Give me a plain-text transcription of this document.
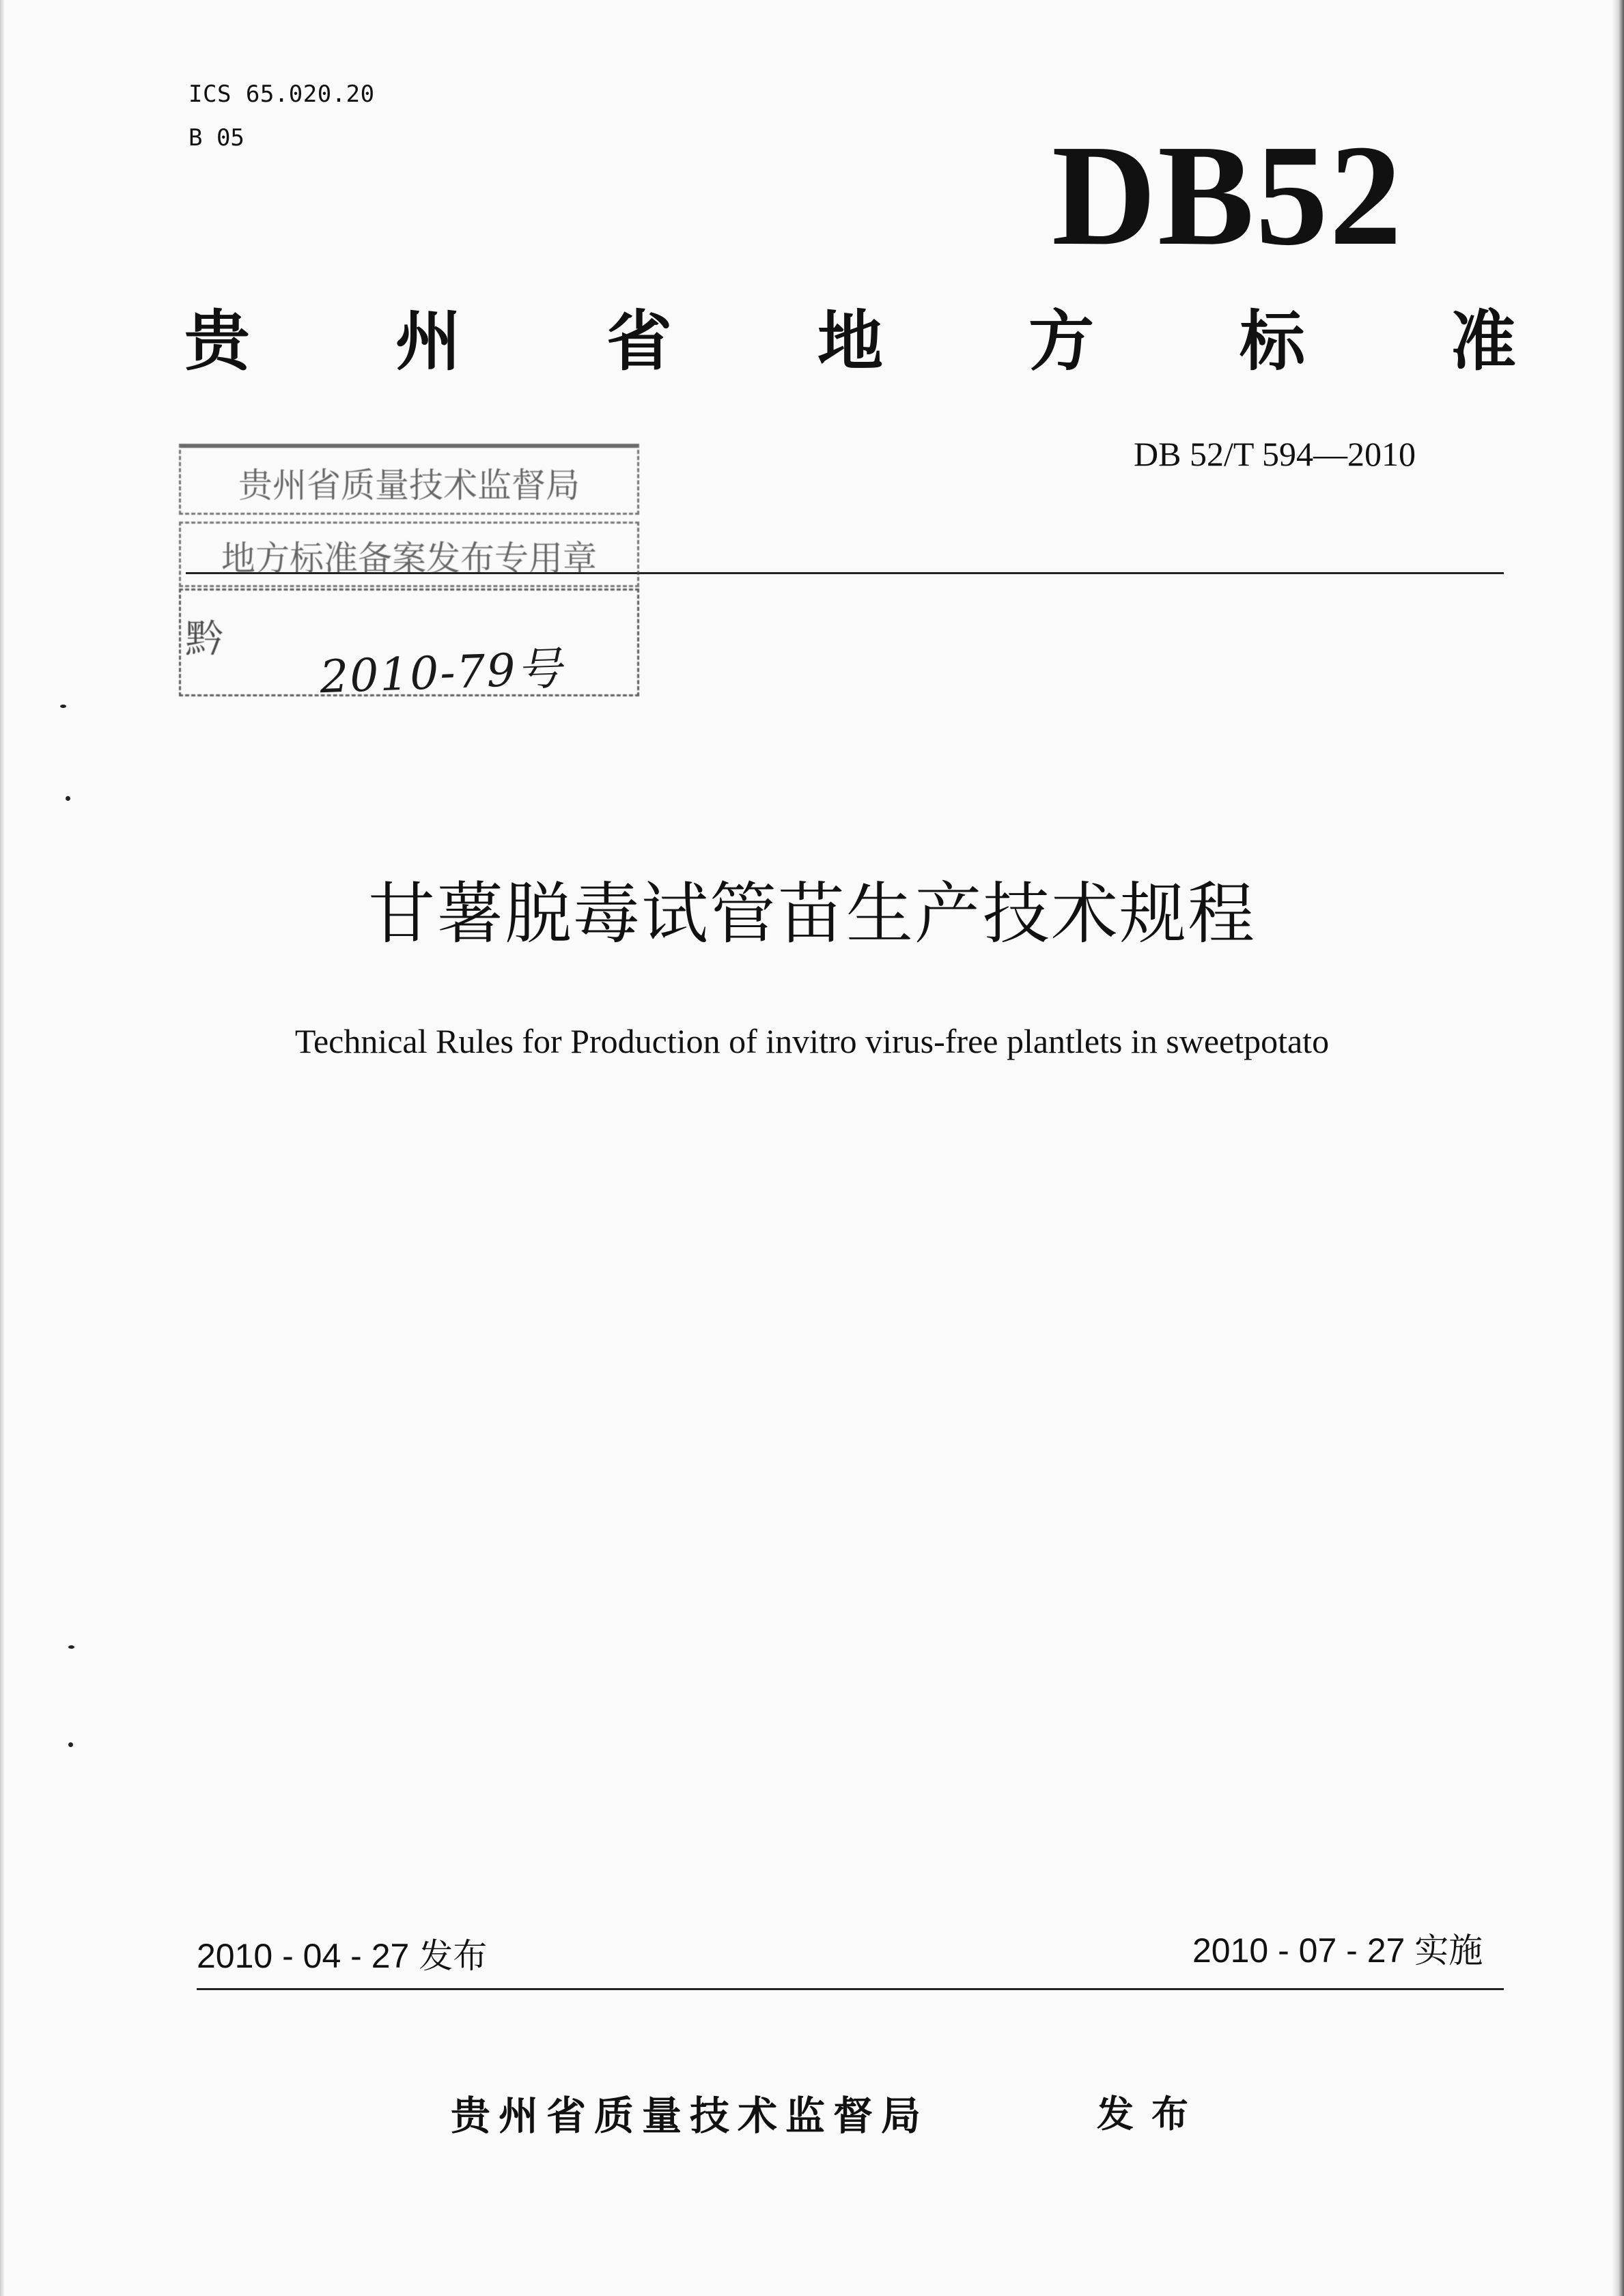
ICS 65.020.20
B 05	DB52
贵 州 省 地 方 标 准
DB 52/T 594—2010
贵州省质量技术监督局
地方标准备案发布专用章
黔
2010-79号
甘薯脱毒试管苗生产技术规程
Technical Rules for Production of invitro virus-free plantlets in sweetpotato
2010 - 04 - 27 发布	2010 - 07 - 27 实施
贵州省质量技术监督局	发布
